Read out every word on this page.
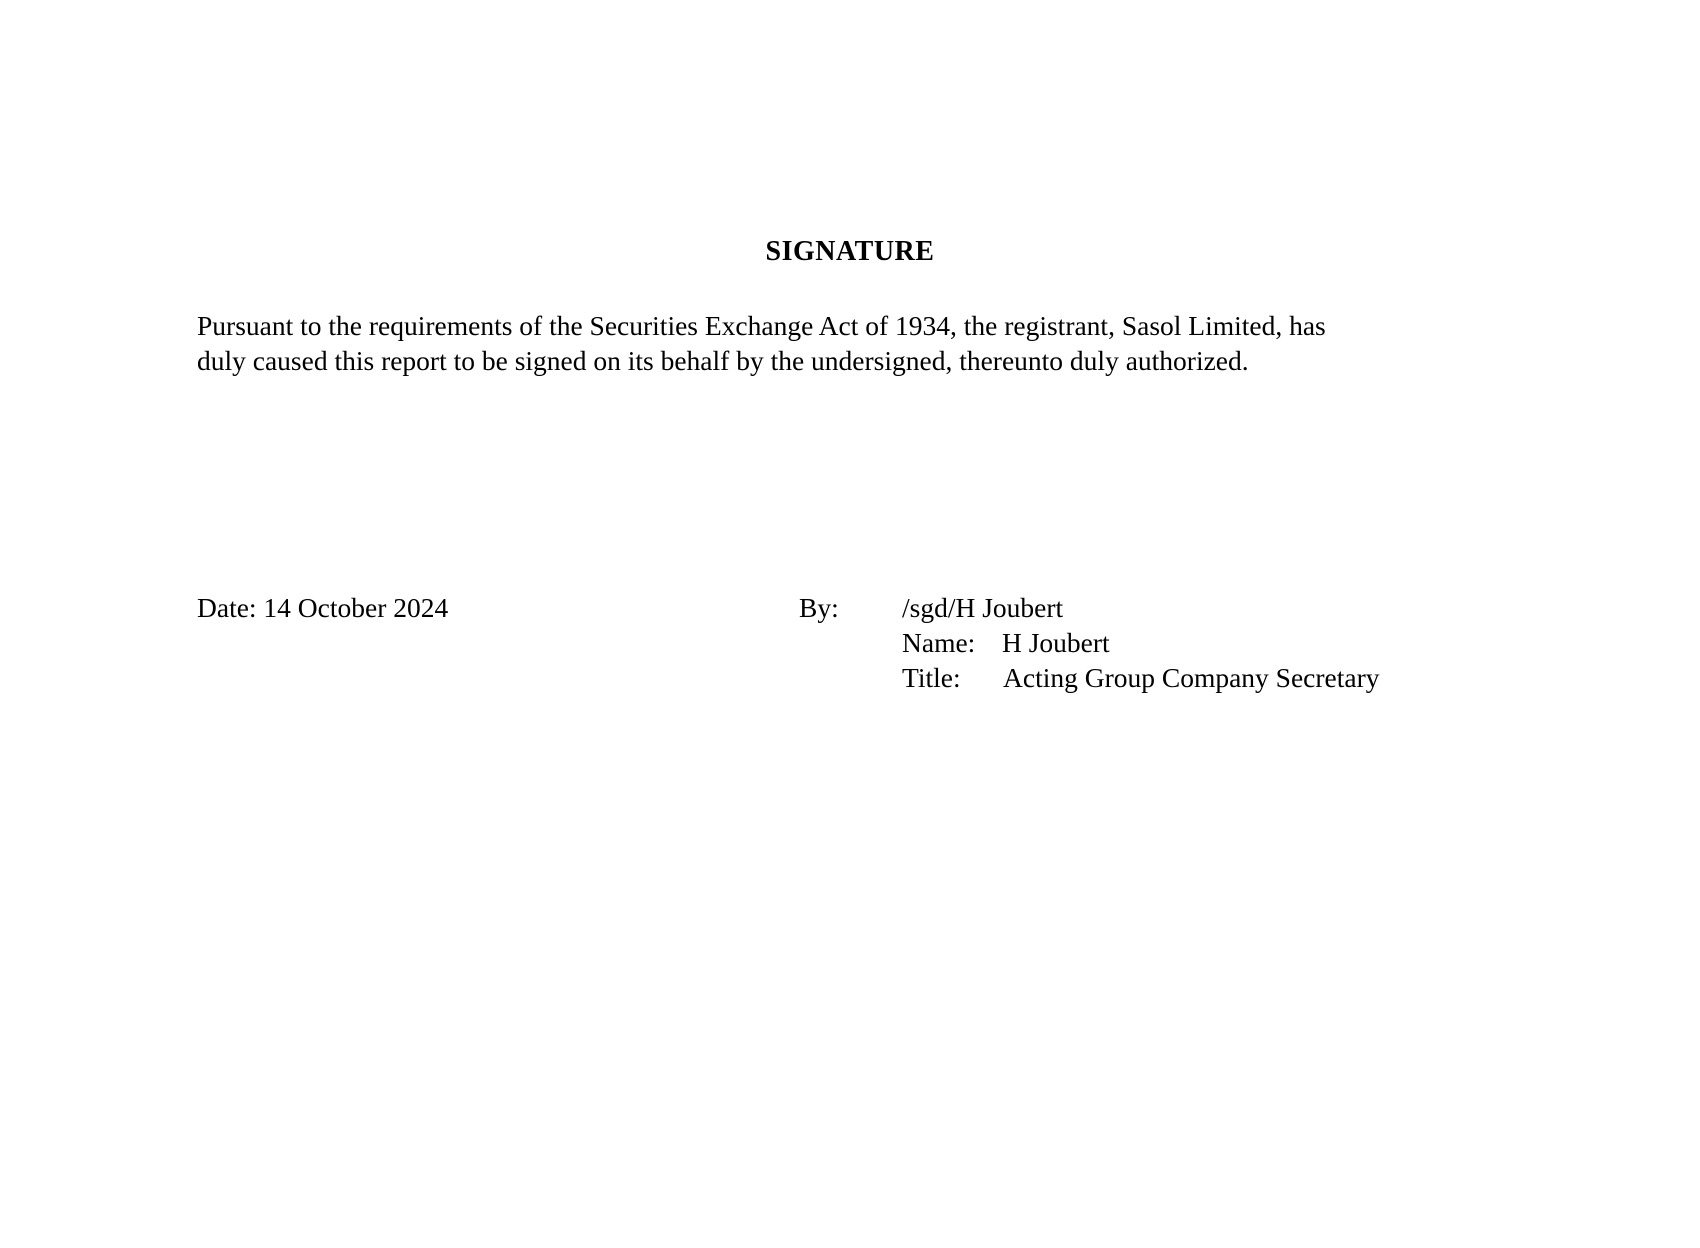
SIGNATURE
Pursuant to the requirements of the Securities Exchange Act of 1934, the registrant, Sasol Limited, has
duly caused this report to be signed on its behalf by the undersigned, thereunto duly authorized.
Date: 14 October 2024	By: /sgd/H Joubert
Name: H Joubert
Title: Acting Group Company Secretary
